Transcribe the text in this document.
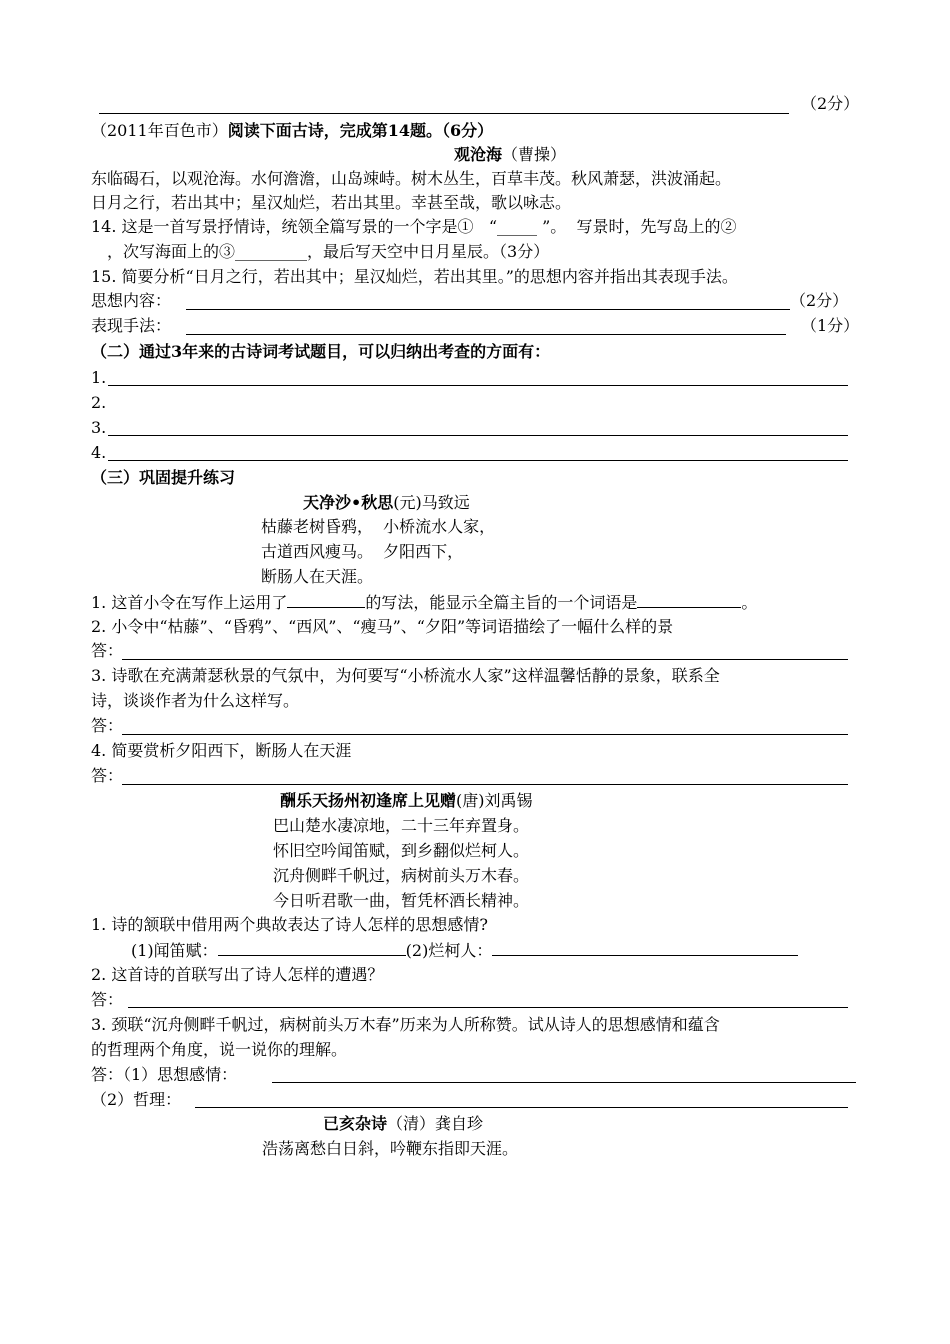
（2分）
（2011年百色市）阅读下面古诗，完成第14题。（6分）
观沧海（曹操）
东临碣石，以观沧海。水何澹澹，山岛竦峙。树木丛生，百草丰茂。秋风萧瑟，洪波涌起。
日月之行，若出其中；星汉灿烂，若出其里。幸甚至哉，歌以咏志。
14. 这是一首写景抒情诗，统领全篇写景的一个字是① “_____ ”。 写景时，先写岛上的②
，次写海面上的③_________，最后写天空中日月星辰。（3分）
15. 简要分析“日月之行，若出其中；星汉灿烂，若出其里。”的思想内容并指出其表现手法。
思想内容：	（2分）
表现手法：	（1分）
（二）通过3年来的古诗词考试题目，可以归纳出考查的方面有：
1.
2.
3.
4.
（三）巩固提升练习
天净沙•秋思(元)马致远
枯藤老树昏鸦，  小桥流水人家，
古道西风瘦马。  夕阳西下，
断肠人在天涯。
1. 这首小令在写作上运用了	的写法，能显示全篇主旨的一个词语是	。
2. 小令中“枯藤”、“昏鸦”、“西风”、“瘦马”、“夕阳”等词语描绘了一幅什么样的景
答：
3. 诗歌在充满萧瑟秋景的气氛中，为何要写“小桥流水人家”这样温馨恬静的景象，联系全
诗，谈谈作者为什么这样写。
答：
4. 简要赏析夕阳西下，断肠人在天涯
答：
酬乐天扬州初逢席上见赠(唐)刘禹锡
巴山楚水凄凉地，二十三年弃置身。
怀旧空吟闻笛赋，到乡翻似烂柯人。
沉舟侧畔千帆过，病树前头万木春。
今日听君歌一曲，暂凭杯酒长精神。
1. 诗的颔联中借用两个典故表达了诗人怎样的思想感情?
(1)闻笛赋：	(2)烂柯人：
2. 这首诗的首联写出了诗人怎样的遭遇？
答：
3. 颈联“沉舟侧畔千帆过，病树前头万木春”历来为人所称赞。试从诗人的思想感情和蕴含
的哲理两个角度，说一说你的理解。
答：（1）思想感情：
（2）哲理：
已亥杂诗（清）龚自珍
浩荡离愁白日斜，吟鞭东指即天涯。
